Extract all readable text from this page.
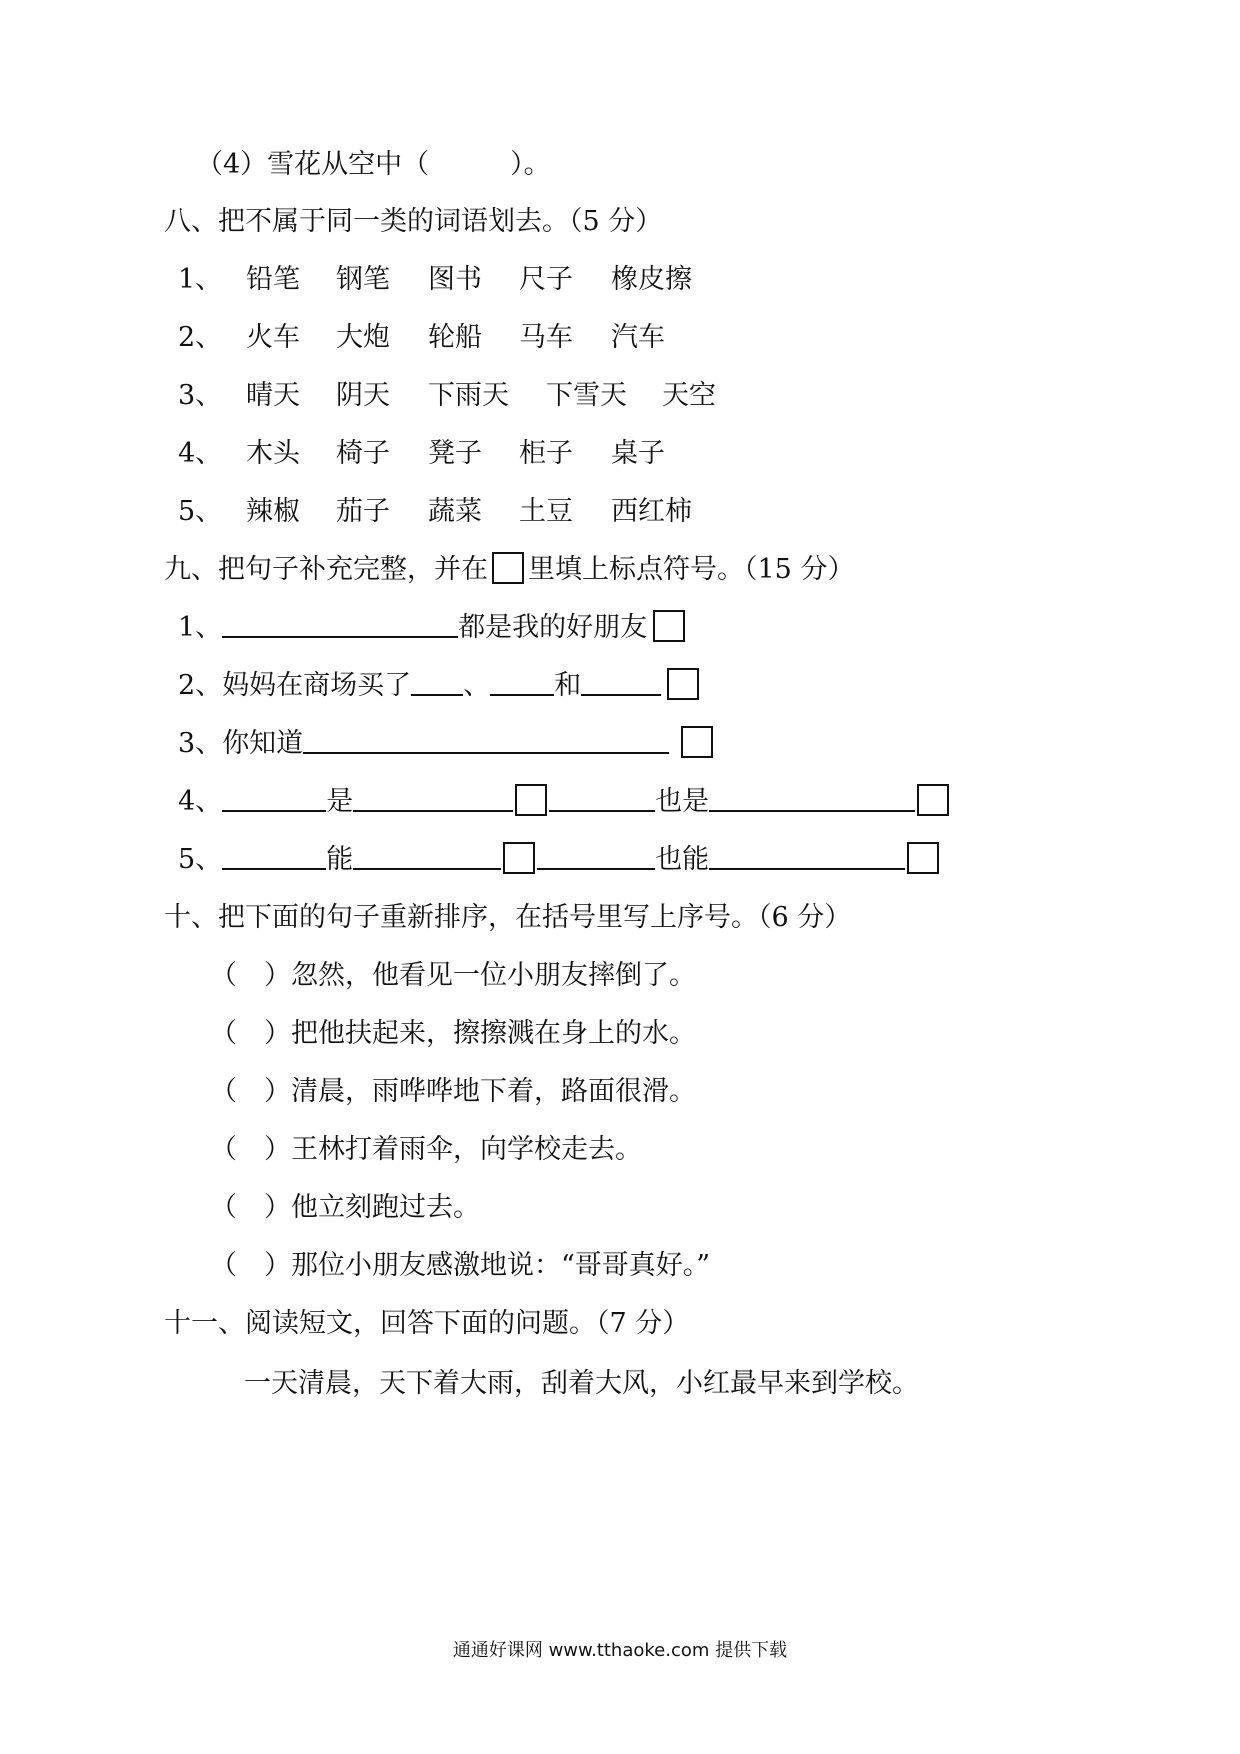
（4）雪花从空中（　　　）。
八、把不属于同一类的词语划去。（5 分）
1、 铅笔 钢笔 图书 尺子 橡皮擦
2、 火车 大炮 轮船 马车 汽车
3、 晴天 阴天 下雨天 下雪天 天空
4、 木头 椅子 凳子 柜子 桌子
5、 辣椒 茄子 蔬菜 土豆 西红柿
九、把句子补充完整，并在 里填上标点符号。（15 分）
1、	都是我的好朋友
2、妈妈在商场买了 、 和
3、你知道
4、	是	也是
5、	能	也能
十、把下面的句子重新排序，在括号里写上序号。（6 分）
（　）忽然，他看见一位小朋友摔倒了。
（　）把他扶起来，擦擦溅在身上的水。
（　）清晨，雨哗哗地下着，路面很滑。
（　）王林打着雨伞，向学校走去。
（　）他立刻跑过去。
（　）那位小朋友感激地说：“哥哥真好。”
十一、阅读短文，回答下面的问题。（7 分）
一天清晨，天下着大雨，刮着大风，小红最早来到学校。
通通好课网 www.tthaoke.com 提供下载
